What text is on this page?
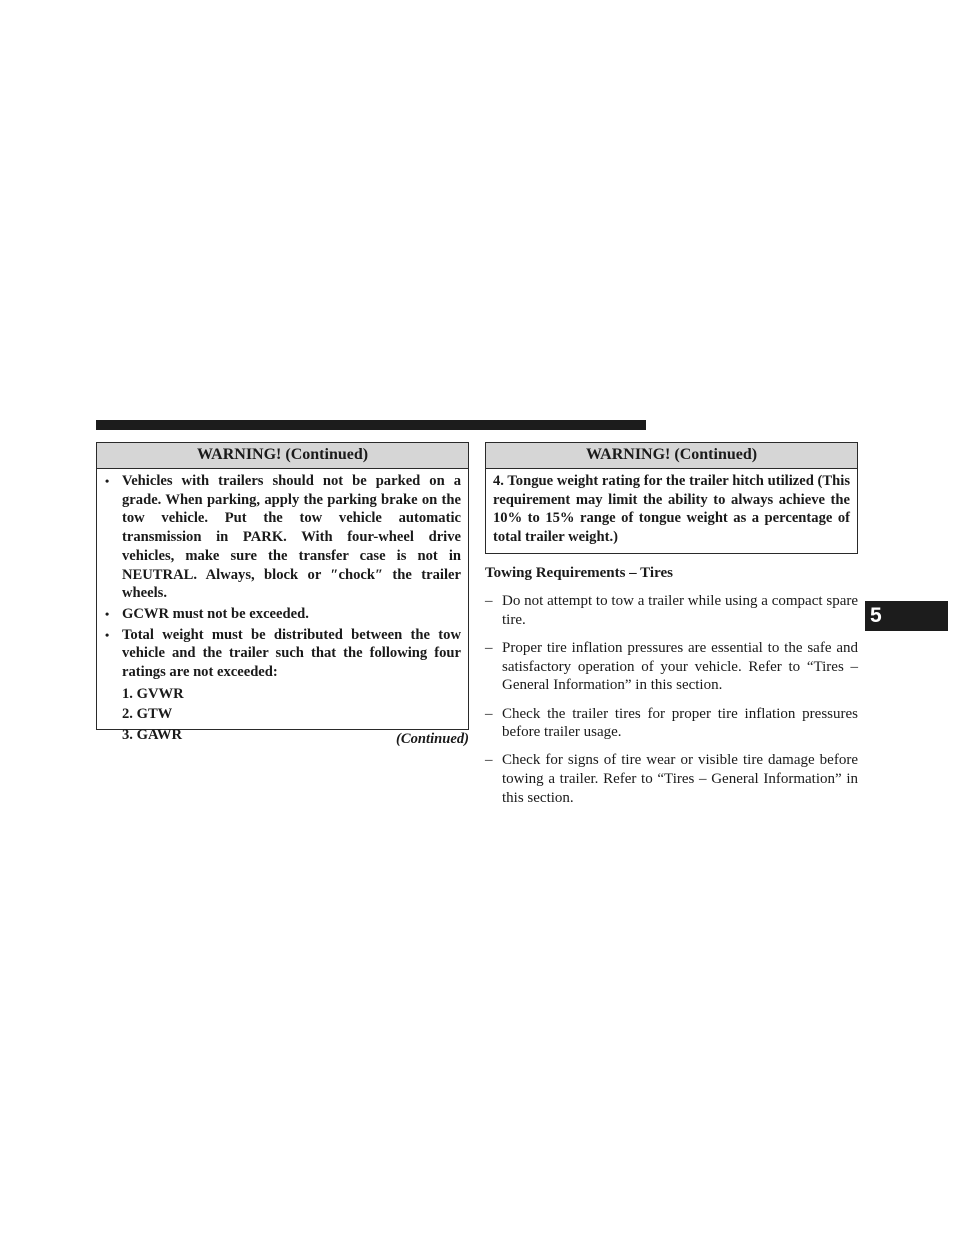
WARNING! (Continued)
• Vehicles with trailers should not be parked on a grade. When parking, apply the parking brake on the tow vehicle. Put the tow vehicle automatic transmission in PARK. With four-wheel drive vehicles, make sure the transfer case is not in NEUTRAL. Always, block or ″chock″ the trailer wheels.
• GCWR must not be exceeded.
• Total weight must be distributed between the tow vehicle and the trailer such that the following four ratings are not exceeded:
1. GVWR
2. GTW
3. GAWR	(Continued)
WARNING! (Continued)
4. Tongue weight rating for the trailer hitch utilized (This requirement may limit the ability to always achieve the 10% to 15% range of tongue weight as a percentage of total trailer weight.)
Towing Requirements – Tires
– Do not attempt to tow a trailer while using a compact spare tire.
– Proper tire inflation pressures are essential to the safe and satisfactory operation of your vehicle. Refer to “Tires – General Information” in this section.
– Check the trailer tires for proper tire inflation pressures before trailer usage.
– Check for signs of tire wear or visible tire damage before towing a trailer. Refer to “Tires – General Information” in this section.
5
